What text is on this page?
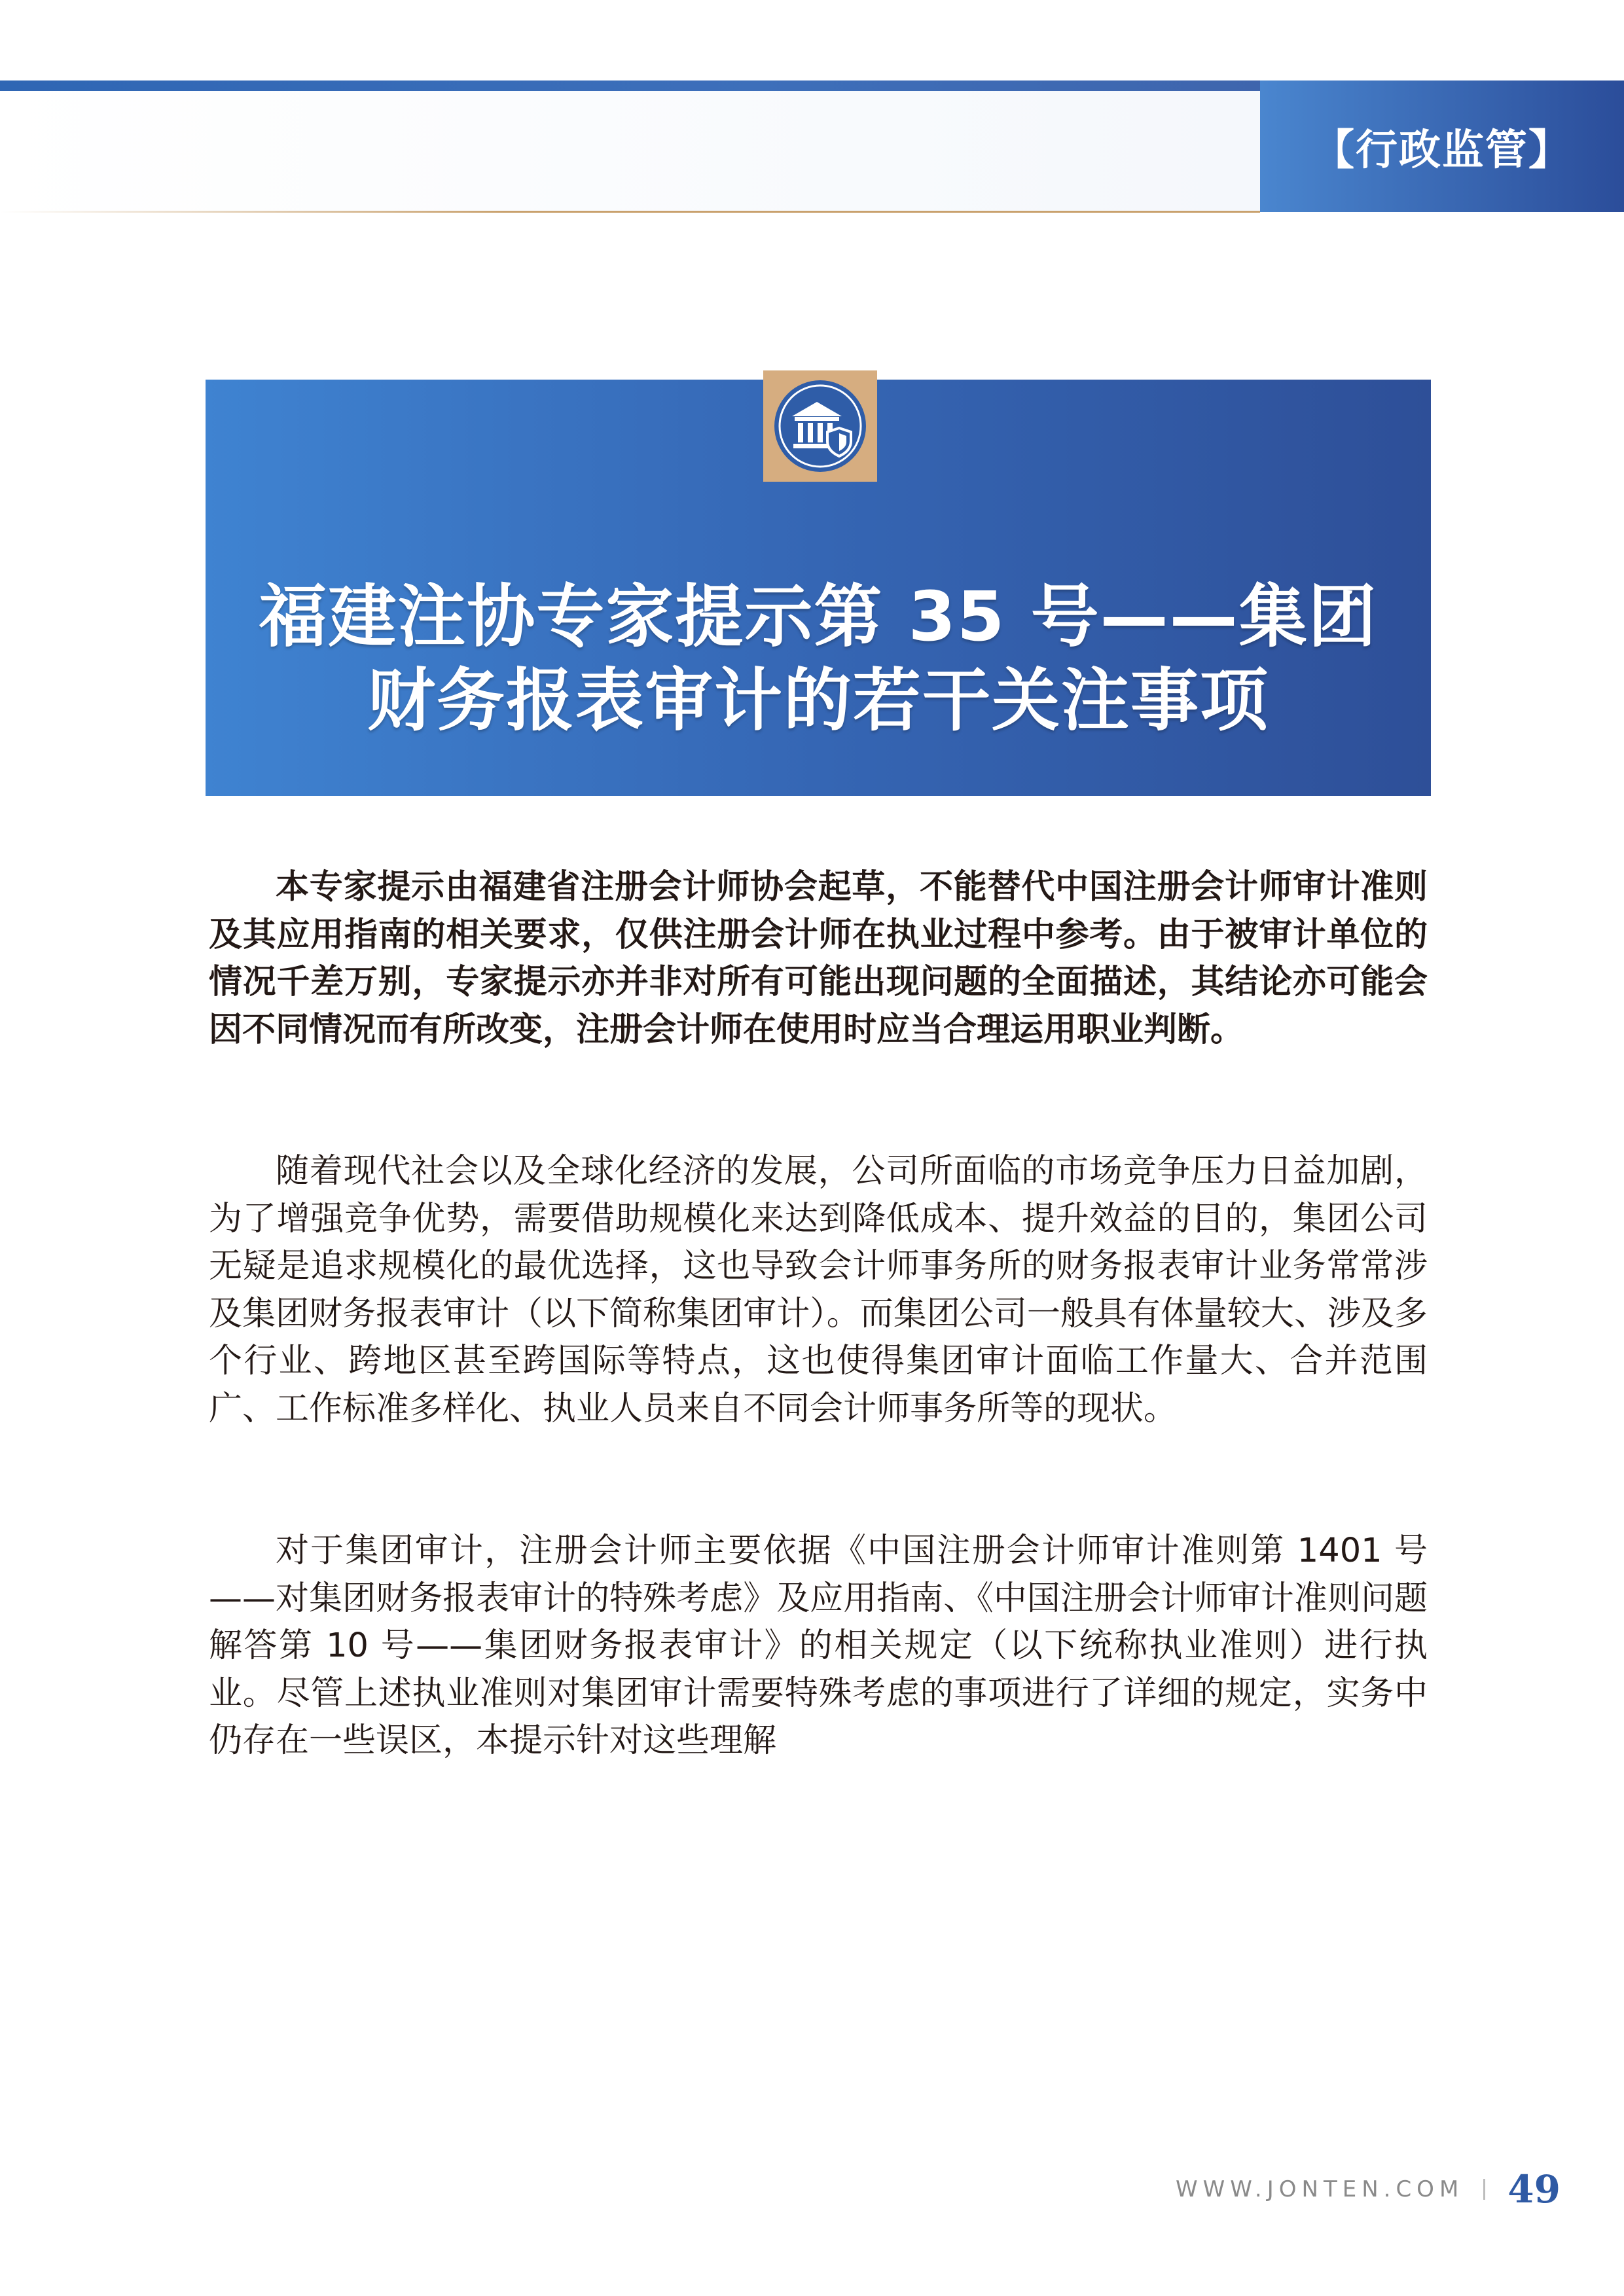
【行政监管】
福建注协专家提示第 35 号——集团
财务报表审计的若干关注事项

本专家提示由福建省注册会计师协会起草，不能替代中国注册会计师审计准则及其应用指南的相关要求，仅供注册会计师在执业过程中参考。由于被审计单位的情况千差万别，专家提示亦并非对所有可能出现问题的全面描述，其结论亦可能会因不同情况而有所改变，注册会计师在使用时应当合理运用职业判断。

随着现代社会以及全球化经济的发展，公司所面临的市场竞争压力日益加剧，为了增强竞争优势，需要借助规模化来达到降低成本、提升效益的目的，集团公司无疑是追求规模化的最优选择，这也导致会计师事务所的财务报表审计业务常常涉及集团财务报表审计（以下简称集团审计）。而集团公司一般具有体量较大、涉及多个行业、跨地区甚至跨国际等特点，这也使得集团审计面临工作量大、合并范围广、工作标准多样化、执业人员来自不同会计师事务所等的现状。

对于集团审计，注册会计师主要依据《中国注册会计师审计准则第 1401 号——对集团财务报表审计的特殊考虑》及应用指南、《中国注册会计师审计准则问题解答第 10 号——集团财务报表审计》的相关规定（以下统称执业准则）进行执业。尽管上述执业准则对集团审计需要特殊考虑的事项进行了详细的规定，实务中仍存在一些误区，本提示针对这些理解

WWW.JONTEN.COM 49
